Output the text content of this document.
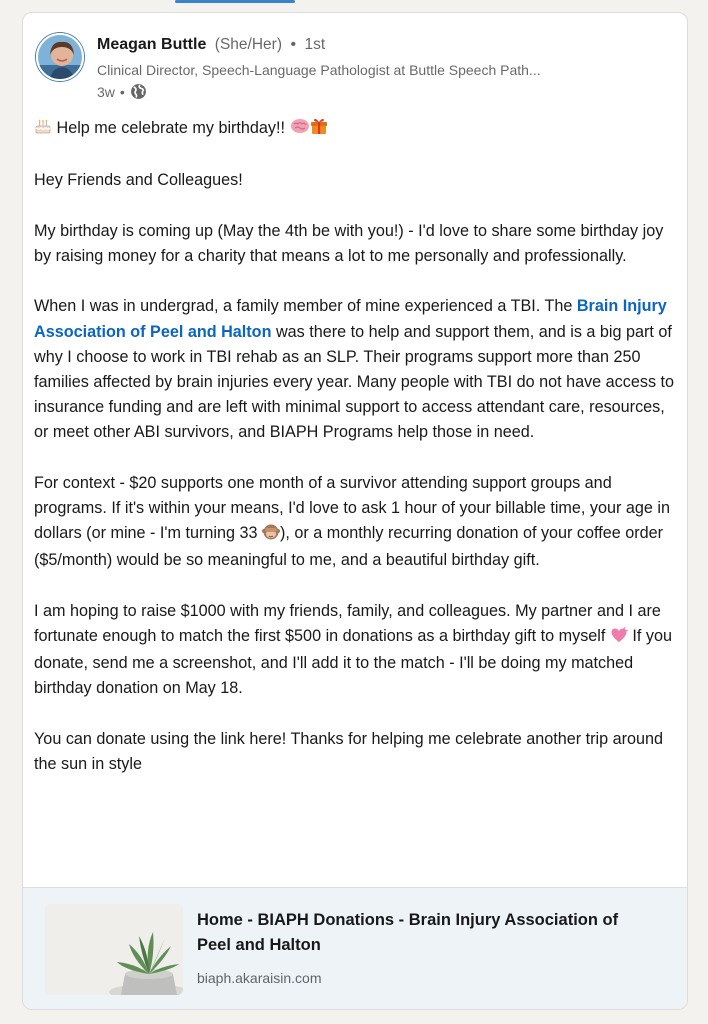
Meagan Buttle (She/Her) • 1st
Clinical Director, Speech-Language Pathologist at Buttle Speech Path...
3w •
Help me celebrate my birthday!!
Hey Friends and Colleagues!
My birthday is coming up (May the 4th be with you!) - I'd love to share some birthday joy by raising money for a charity that means a lot to me personally and professionally.
When I was in undergrad, a family member of mine experienced a TBI. The Brain Injury Association of Peel and Halton was there to help and support them, and is a big part of why I choose to work in TBI rehab as an SLP. Their programs support more than 250 families affected by brain injuries every year. Many people with TBI do not have access to insurance funding and are left with minimal support to access attendant care, resources, or meet other ABI survivors, and BIAPH Programs help those in need.
For context - $20 supports one month of a survivor attending support groups and programs. If it's within your means, I'd love to ask 1 hour of your billable time, your age in dollars (or mine - I'm turning 33 ), or a monthly recurring donation of your coffee order ($5/month) would be so meaningful to me, and a beautiful birthday gift.
I am hoping to raise $1000 with my friends, family, and colleagues. My partner and I are fortunate enough to match the first $500 in donations as a birthday gift to myself If you donate, send me a screenshot, and I'll add it to the match - I'll be doing my matched birthday donation on May 18.
You can donate using the link here! Thanks for helping me celebrate another trip around the sun in style
Home - BIAPH Donations - Brain Injury Association of Peel and Halton
biaph.akaraisin.com
